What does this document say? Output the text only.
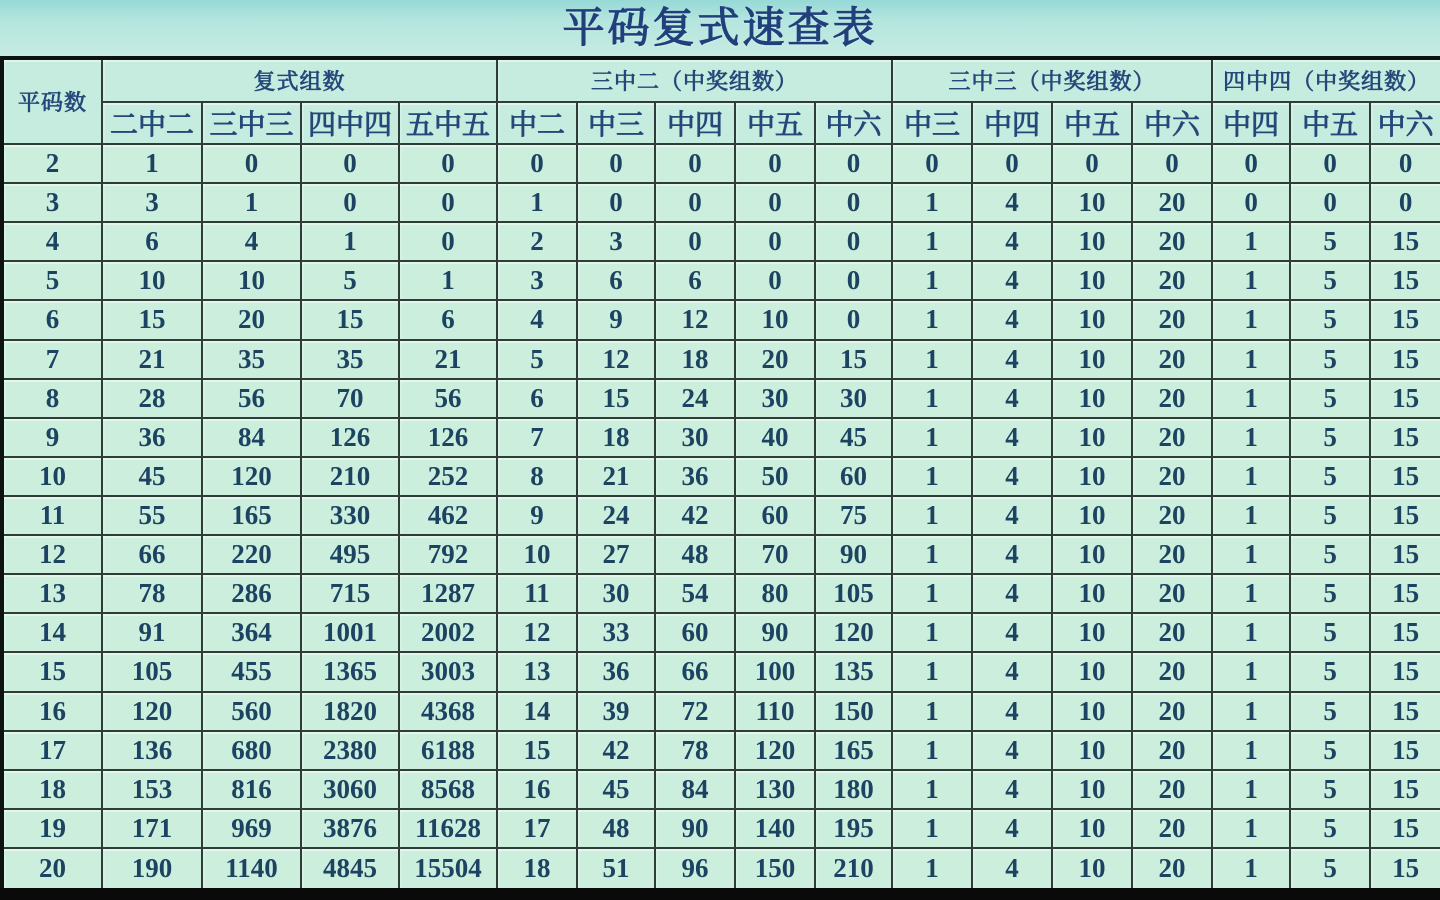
平码复式速查表
平码数	复式组数				三中二（中奖组数）					三中三（中奖组数）				四中四（中奖组数）		
	二中二	三中三	四中四	五中五	中二	中三	中四	中五	中六	中三	中四	中五	中六	中四	中五	中六
2	1	0	0	0	0	0	0	0	0	0	0	0	0	0	0	0
3	3	1	0	0	1	0	0	0	0	1	4	10	20	0	0	0
4	6	4	1	0	2	3	0	0	0	1	4	10	20	1	5	15
5	10	10	5	1	3	6	6	0	0	1	4	10	20	1	5	15
6	15	20	15	6	4	9	12	10	0	1	4	10	20	1	5	15
7	21	35	35	21	5	12	18	20	15	1	4	10	20	1	5	15
8	28	56	70	56	6	15	24	30	30	1	4	10	20	1	5	15
9	36	84	126	126	7	18	30	40	45	1	4	10	20	1	5	15
10	45	120	210	252	8	21	36	50	60	1	4	10	20	1	5	15
11	55	165	330	462	9	24	42	60	75	1	4	10	20	1	5	15
12	66	220	495	792	10	27	48	70	90	1	4	10	20	1	5	15
13	78	286	715	1287	11	30	54	80	105	1	4	10	20	1	5	15
14	91	364	1001	2002	12	33	60	90	120	1	4	10	20	1	5	15
15	105	455	1365	3003	13	36	66	100	135	1	4	10	20	1	5	15
16	120	560	1820	4368	14	39	72	110	150	1	4	10	20	1	5	15
17	136	680	2380	6188	15	42	78	120	165	1	4	10	20	1	5	15
18	153	816	3060	8568	16	45	84	130	180	1	4	10	20	1	5	15
19	171	969	3876	11628	17	48	90	140	195	1	4	10	20	1	5	15
20	190	1140	4845	15504	18	51	96	150	210	1	4	10	20	1	5	15
